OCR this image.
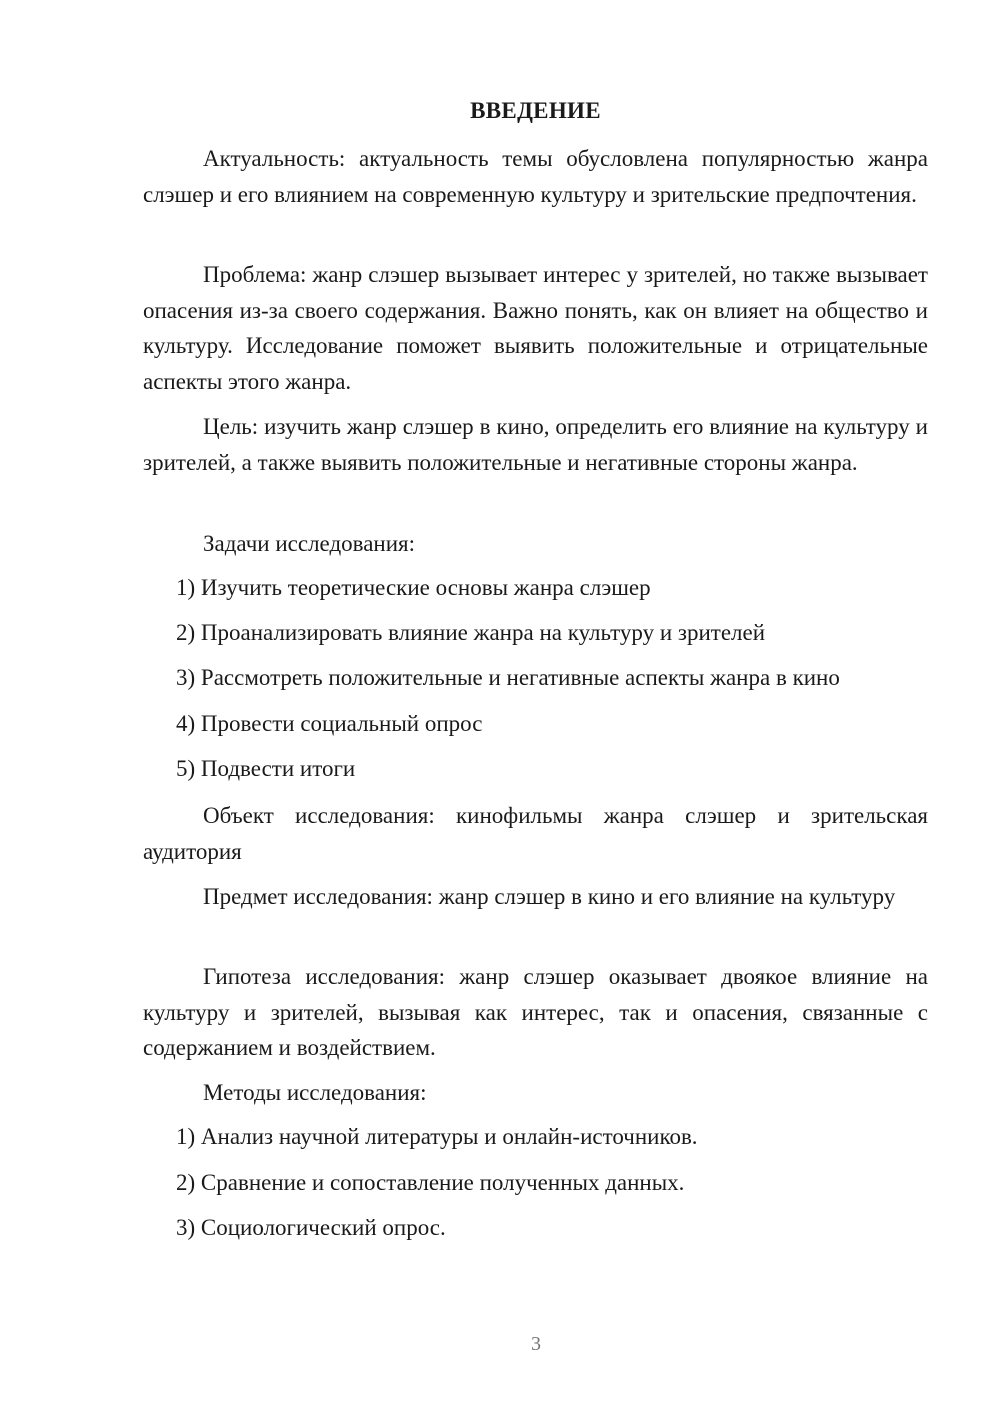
ВВЕДЕНИЕ

Актуальность: актуальность темы обусловлена популярностью жанра слэшер и его влиянием на современную культуру и зрительские предпочтения.

Проблема: жанр слэшер вызывает интерес у зрителей, но также вызывает опасения из-за своего содержания. Важно понять, как он влияет на общество и культуру. Исследование поможет выявить положительные и отрицательные аспекты этого жанра.

Цель: изучить жанр слэшер в кино, определить его влияние на культуру и зрителей, а также выявить положительные и негативные стороны жанра.

Задачи исследования:

1) Изучить теоретические основы жанра слэшер

2) Проанализировать влияние жанра на культуру и зрителей

3) Рассмотреть положительные и негативные аспекты жанра в кино

4) Провести социальный опрос

5) Подвести итоги

Объект исследования: кинофильмы жанра слэшер и зрительская аудитория

Предмет исследования: жанр слэшер в кино и его влияние на культуру

Гипотеза исследования: жанр слэшер оказывает двоякое влияние на культуру и зрителей, вызывая как интерес, так и опасения, связанные с содержанием и воздействием.

Методы исследования:

1) Анализ научной литературы и онлайн-источников.

2) Сравнение и сопоставление полученных данных.

3) Социологический опрос.

3
